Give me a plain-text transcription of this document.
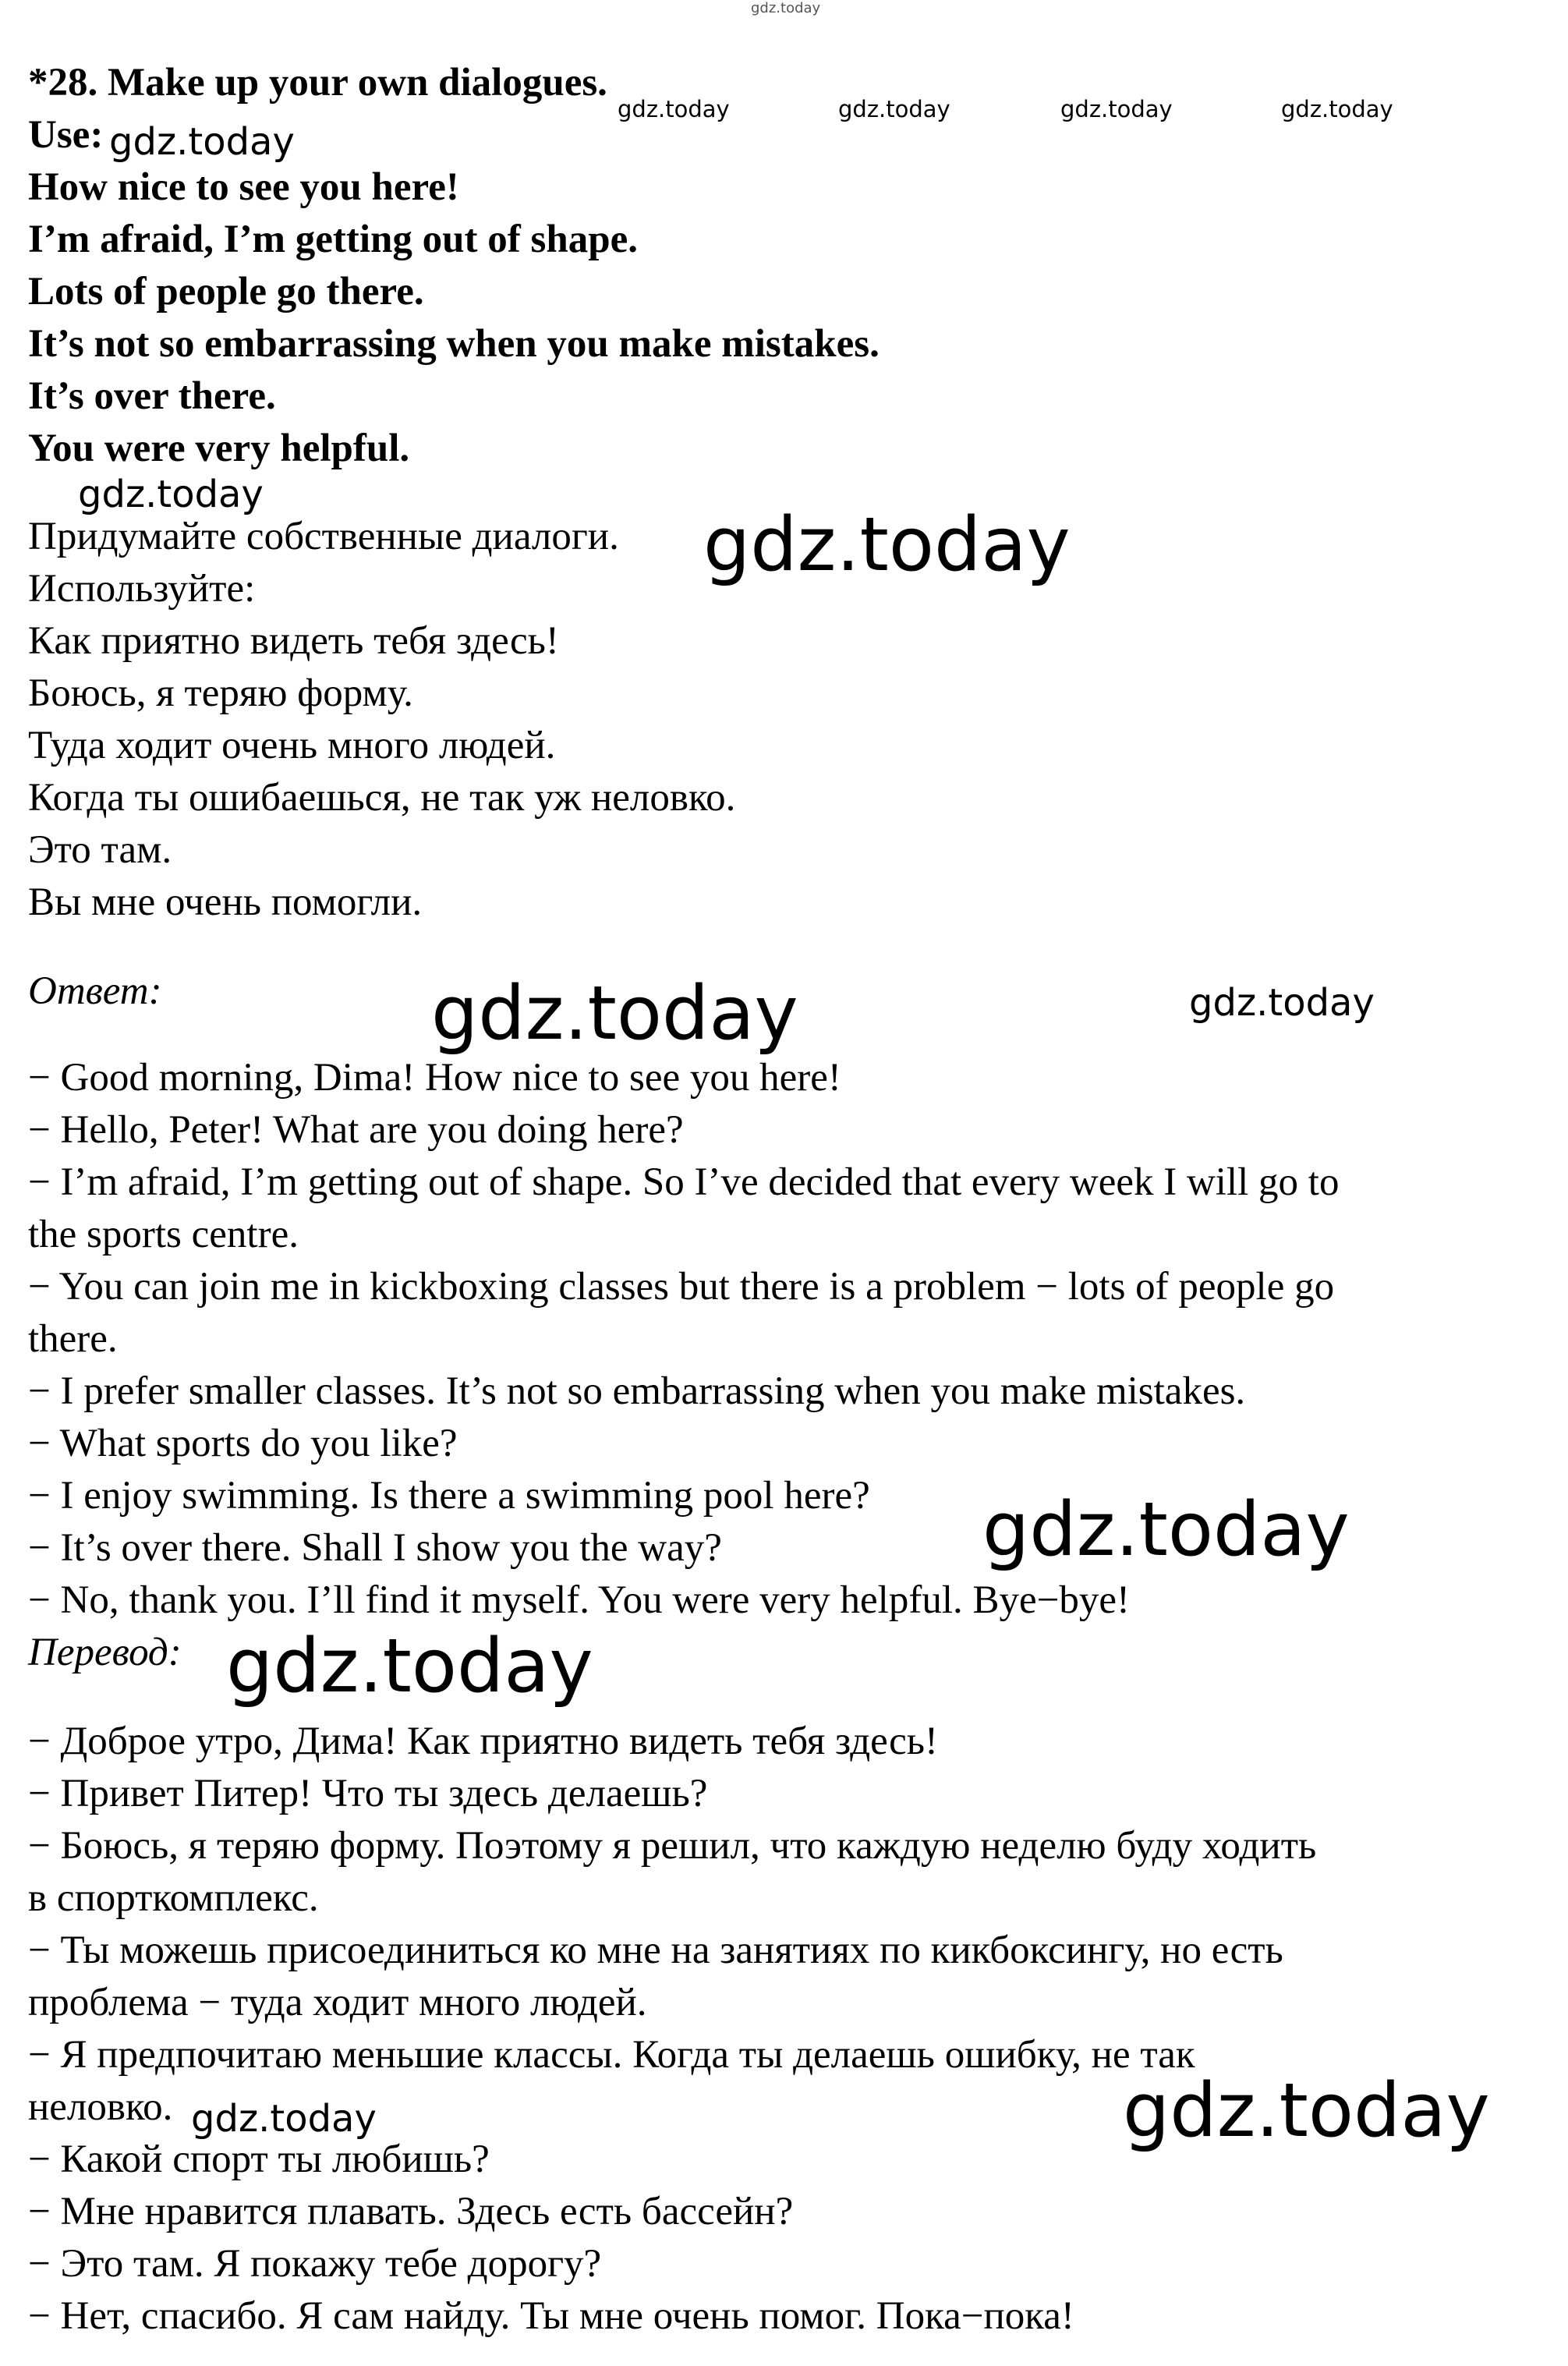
gdz.today
gdz.today	gdz.today	gdz.today	gdz.today
gdz.today
gdz.today
gdz.today
gdz.today	gdz.today
gdz.today
gdz.today
gdz.today	gdz.today
*28. Make up your own dialogues.
Use:
How nice to see you here!
I’m afraid, I’m getting out of shape.
Lots of people go there.
It’s not so embarrassing when you make mistakes.
It’s over there.
You were very helpful.
Придумайте собственные диалоги.
Используйте:
Как приятно видеть тебя здесь!
Боюсь, я теряю форму.
Туда ходит очень много людей.
Когда ты ошибаешься, не так уж неловко.
Это там.
Вы мне очень помогли.
Ответ:
− Good morning, Dima! How nice to see you here!
− Hello, Peter! What are you doing here?
− I’m afraid, I’m getting out of shape. So I’ve decided that every week I will go to
the sports centre.
− You can join me in kickboxing classes but there is a problem − lots of people go
there.
− I prefer smaller classes. It’s not so embarrassing when you make mistakes.
− What sports do you like?
− I enjoy swimming. Is there a swimming pool here?
− It’s over there. Shall I show you the way?
− No, thank you. I’ll find it myself. You were very helpful. Bye−bye!
Перевод:
− Доброе утро, Дима! Как приятно видеть тебя здесь!
− Привет Питер! Что ты здесь делаешь?
− Боюсь, я теряю форму. Поэтому я решил, что каждую неделю буду ходить
в спорткомплекс.
− Ты можешь присоединиться ко мне на занятиях по кикбоксингу, но есть
проблема − туда ходит много людей.
− Я предпочитаю меньшие классы. Когда ты делаешь ошибку, не так
неловко.
− Какой спорт ты любишь?
− Мне нравится плавать. Здесь есть бассейн?
− Это там. Я покажу тебе дорогу?
− Нет, спасибо. Я сам найду. Ты мне очень помог. Пока−пока!
